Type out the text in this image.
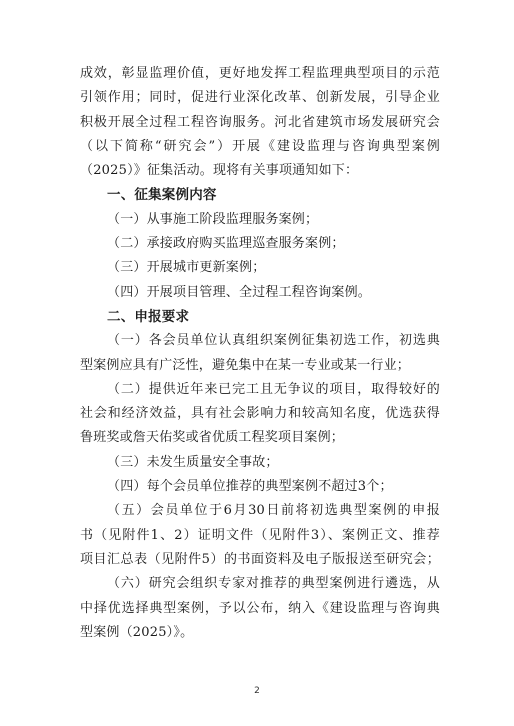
成效，彰显监理价值，更好地发挥工程监理典型项目的示范
引领作用；同时，促进行业深化改革、创新发展，引导企业
积极开展全过程工程咨询服务。河北省建筑市场发展研究会
（以下简称“研究会”）开展《建设监理与咨询典型案例
（2025）》征集活动。现将有关事项通知如下：
一、征集案例内容
（一）从事施工阶段监理服务案例；
（二）承接政府购买监理巡查服务案例；
（三）开展城市更新案例；
（四）开展项目管理、全过程工程咨询案例。
二、申报要求
（一）各会员单位认真组织案例征集初选工作，初选典
型案例应具有广泛性，避免集中在某一专业或某一行业；
（二）提供近年来已完工且无争议的项目，取得较好的
社会和经济效益，具有社会影响力和较高知名度，优选获得
鲁班奖或詹天佑奖或省优质工程奖项目案例；
（三）未发生质量安全事故；
（四）每个会员单位推荐的典型案例不超过3个；
（五）会员单位于6月30日前将初选典型案例的申报
书（见附件1、2）证明文件（见附件3）、案例正文、推荐
项目汇总表（见附件5）的书面资料及电子版报送至研究会；
（六）研究会组织专家对推荐的典型案例进行遴选，从
中择优选择典型案例，予以公布，纳入《建设监理与咨询典
型案例（2025）》。
2
